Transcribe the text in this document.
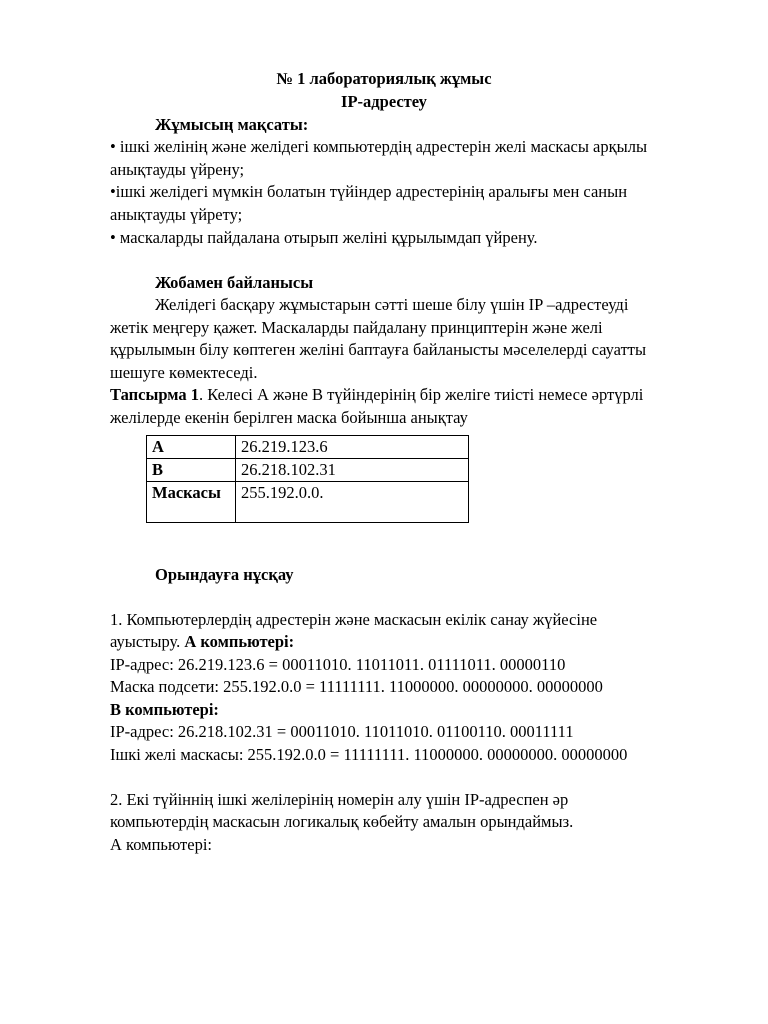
№ 1 лабораториялық жұмыс
IP-адрестеу
Жұмысың мақсаты:
• ішкі желінің және желідегі компьютердің адрестерін желі маскасы арқылы
анықтауды үйрену;
•ішкі желідегі мүмкін болатын түйіндер адрестерінің аралығы мен санын
анықтауды үйрету;
• маскаларды пайдалана отырып желіні құрылымдап үйрену.
Жобамен байланысы
Желідегі басқару жұмыстарын сәтті шеше білу үшін IP –адрестеуді
жетік меңгеру қажет. Маскаларды пайдалану принциптерін және желі
құрылымын білу көптеген желіні баптауға байланысты мәселелерді сауатты
шешуге көмектеседі.
Тапсырма 1. Келесі А және В түйіндерінің бір желіге тиісті немесе әртүрлі
желілерде екенін берілген маска бойынша анықтау
А	26.219.123.6
В	26.218.102.31
Маскасы	255.192.0.0.
Орындауға нұсқау
1. Компьютерлердің адрестерін және маскасын екілік санау жүйесіне
ауыстыру. А компьютері:
IP-адрес: 26.219.123.6 = 00011010. 11011011. 01111011. 00000110
Маска подсети: 255.192.0.0 = 11111111. 11000000. 00000000. 00000000
В компьютері:
IP-адрес: 26.218.102.31 = 00011010. 11011010. 01100110. 00011111
Ішкі желі маскасы: 255.192.0.0 = 11111111. 11000000. 00000000. 00000000
2. Екі түйіннің ішкі желілерінің номерін алу үшін IP-адреспен әр
компьютердің маскасын логикалық көбейту амалын орындаймыз.
А компьютері:
